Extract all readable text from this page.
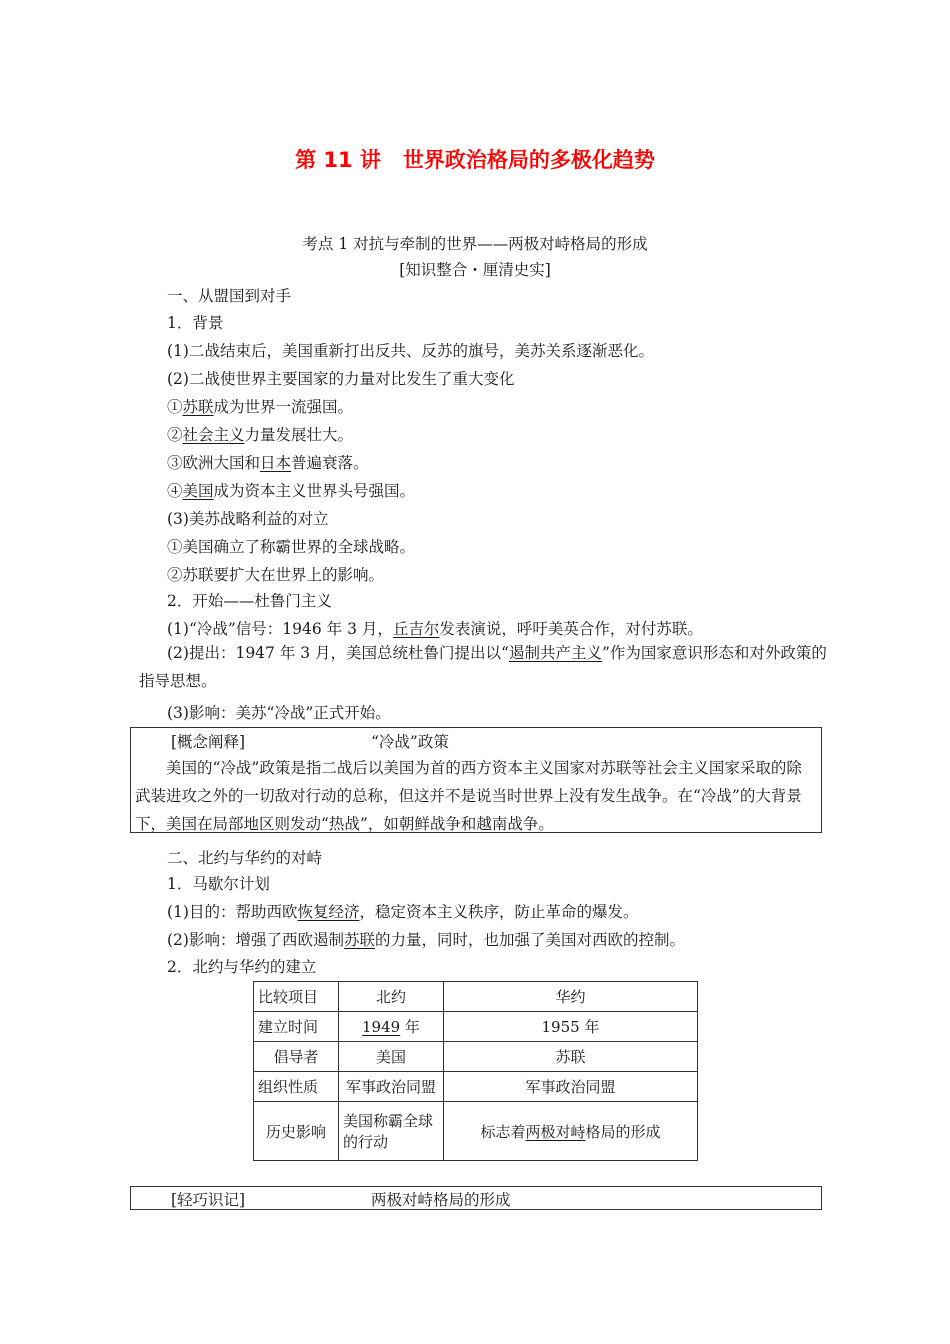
第 11 讲 世界政治格局的多极化趋势
考点 1 对抗与牵制的世界——两极对峙格局的形成
[知识整合・厘清史实]
一、从盟国到对手
1．背景
(1)二战结束后，美国重新打出反共、反苏的旗号，美苏关系逐渐恶化。
(2)二战使世界主要国家的力量对比发生了重大变化
①苏联成为世界一流强国。
②社会主义力量发展壮大。
③欧洲大国和日本普遍衰落。
④美国成为资本主义世界头号强国。
(3)美苏战略利益的对立
①美国确立了称霸世界的全球战略。
②苏联要扩大在世界上的影响。
2．开始——杜鲁门主义
(1)“冷战”信号：1946 年 3 月，丘吉尔发表演说，呼吁美英合作，对付苏联。
(2)提出：1947 年 3 月，美国总统杜鲁门提出以“遏制共产主义”作为国家意识形态和对外政策的指导思想。
(3)影响：美苏“冷战”正式开始。
[概念阐释]	“冷战”政策
美国的“冷战”政策是指二战后以美国为首的西方资本主义国家对苏联等社会主义国家采取的除武装进攻之外的一切敌对行动的总称，但这并不是说当时世界上没有发生战争。在“冷战”的大背景下，美国在局部地区则发动“热战”，如朝鲜战争和越南战争。
二、北约与华约的对峙
1．马歇尔计划
(1)目的：帮助西欧恢复经济，稳定资本主义秩序，防止革命的爆发。
(2)影响：增强了西欧遏制苏联的力量，同时，也加强了美国对西欧的控制。
2．北约与华约的建立
比较项目	北约	华约
建立时间	1949 年	1955 年
倡导者	美国	苏联
组织性质	军事政治同盟	军事政治同盟
历史影响	美国称霸全球的行动	标志着两极对峙格局的形成
[轻巧识记]	两极对峙格局的形成
